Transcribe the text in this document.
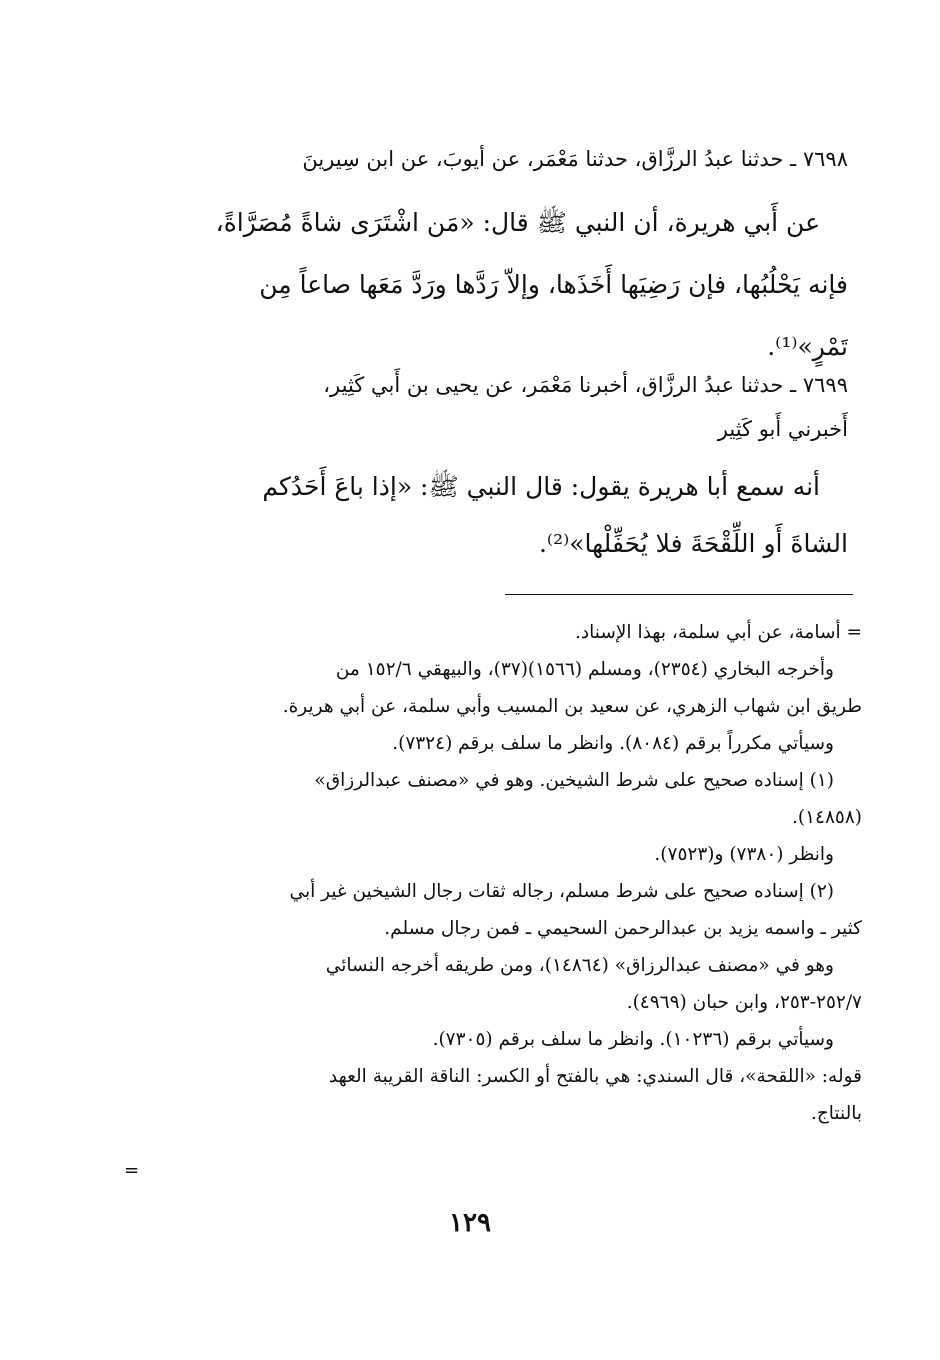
٧٦٩٨ ـ حدثنا عبدُ الرزَّاق، حدثنا مَعْمَر، عن أيوبَ، عن ابن سِيرينَ
عن أَبي هريرة، أن النبي ﷺ قال: «مَن اشْتَرَى شاةً مُصَرَّاةً،
فإنه يَحْلُبُها، فإن رَضِيَها أَخَذَها، وإلاّ رَدَّها ورَدَّ مَعَها صاعاً مِن
تَمْرٍ»⁽¹⁾.
٧٦٩٩ ـ حدثنا عبدُ الرزَّاق، أخبرنا مَعْمَر، عن يحيى بن أَبي كَثِير،
أَخبرني أَبو كَثِير
أنه سمع أبا هريرة يقول: قال النبي ﷺ: «إذا باعَ أَحَدُكم
الشاةَ أَو اللِّقْحَةَ فلا يُحَفِّلْها»⁽²⁾.
= أسامة، عن أبي سلمة، بهذا الإسناد.
وأخرجه البخاري (٢٣٥٤)، ومسلم (١٥٦٦)(٣٧)، والبيهقي ١٥٢/٦ من
طريق ابن شهاب الزهري، عن سعيد بن المسيب وأبي سلمة، عن أبي هريرة.
وسيأتي مكرراً برقم (٨٠٨٤). وانظر ما سلف برقم (٧٣٢٤).
(١) إسناده صحيح على شرط الشيخين. وهو في «مصنف عبدالرزاق»
(١٤٨٥٨).
وانظر (٧٣٨٠) و(٧٥٢٣).
(٢) إسناده صحيح على شرط مسلم، رجاله ثقات رجال الشيخين غير أبي
كثير ـ واسمه يزيد بن عبدالرحمن السحيمي ـ فمن رجال مسلم.
وهو في «مصنف عبدالرزاق» (١٤٨٦٤)، ومن طريقه أخرجه النسائي
٢٥٢/٧-٢٥٣، وابن حبان (٤٩٦٩).
وسيأتي برقم (١٠٢٣٦). وانظر ما سلف برقم (٧٣٠٥).
قوله: «اللقحة»، قال السندي: هي بالفتح أو الكسر: الناقة القريبة العهد
بالنتاج.
=
١٢٩
